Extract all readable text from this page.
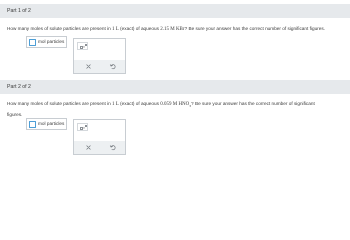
Part 1 of 2
How many moles of solute particles are present in 1 L (exact) of aqueous 2.15 M KBr? Be sure your answer has the correct number of significant figures.
mol particles
×
Part 2 of 2
How many moles of solute particles are present in 1 L (exact) of aqueous 0.059 M $HNO_3$? Be sure your answer has the correct number of significant
figures.
mol particles
×
